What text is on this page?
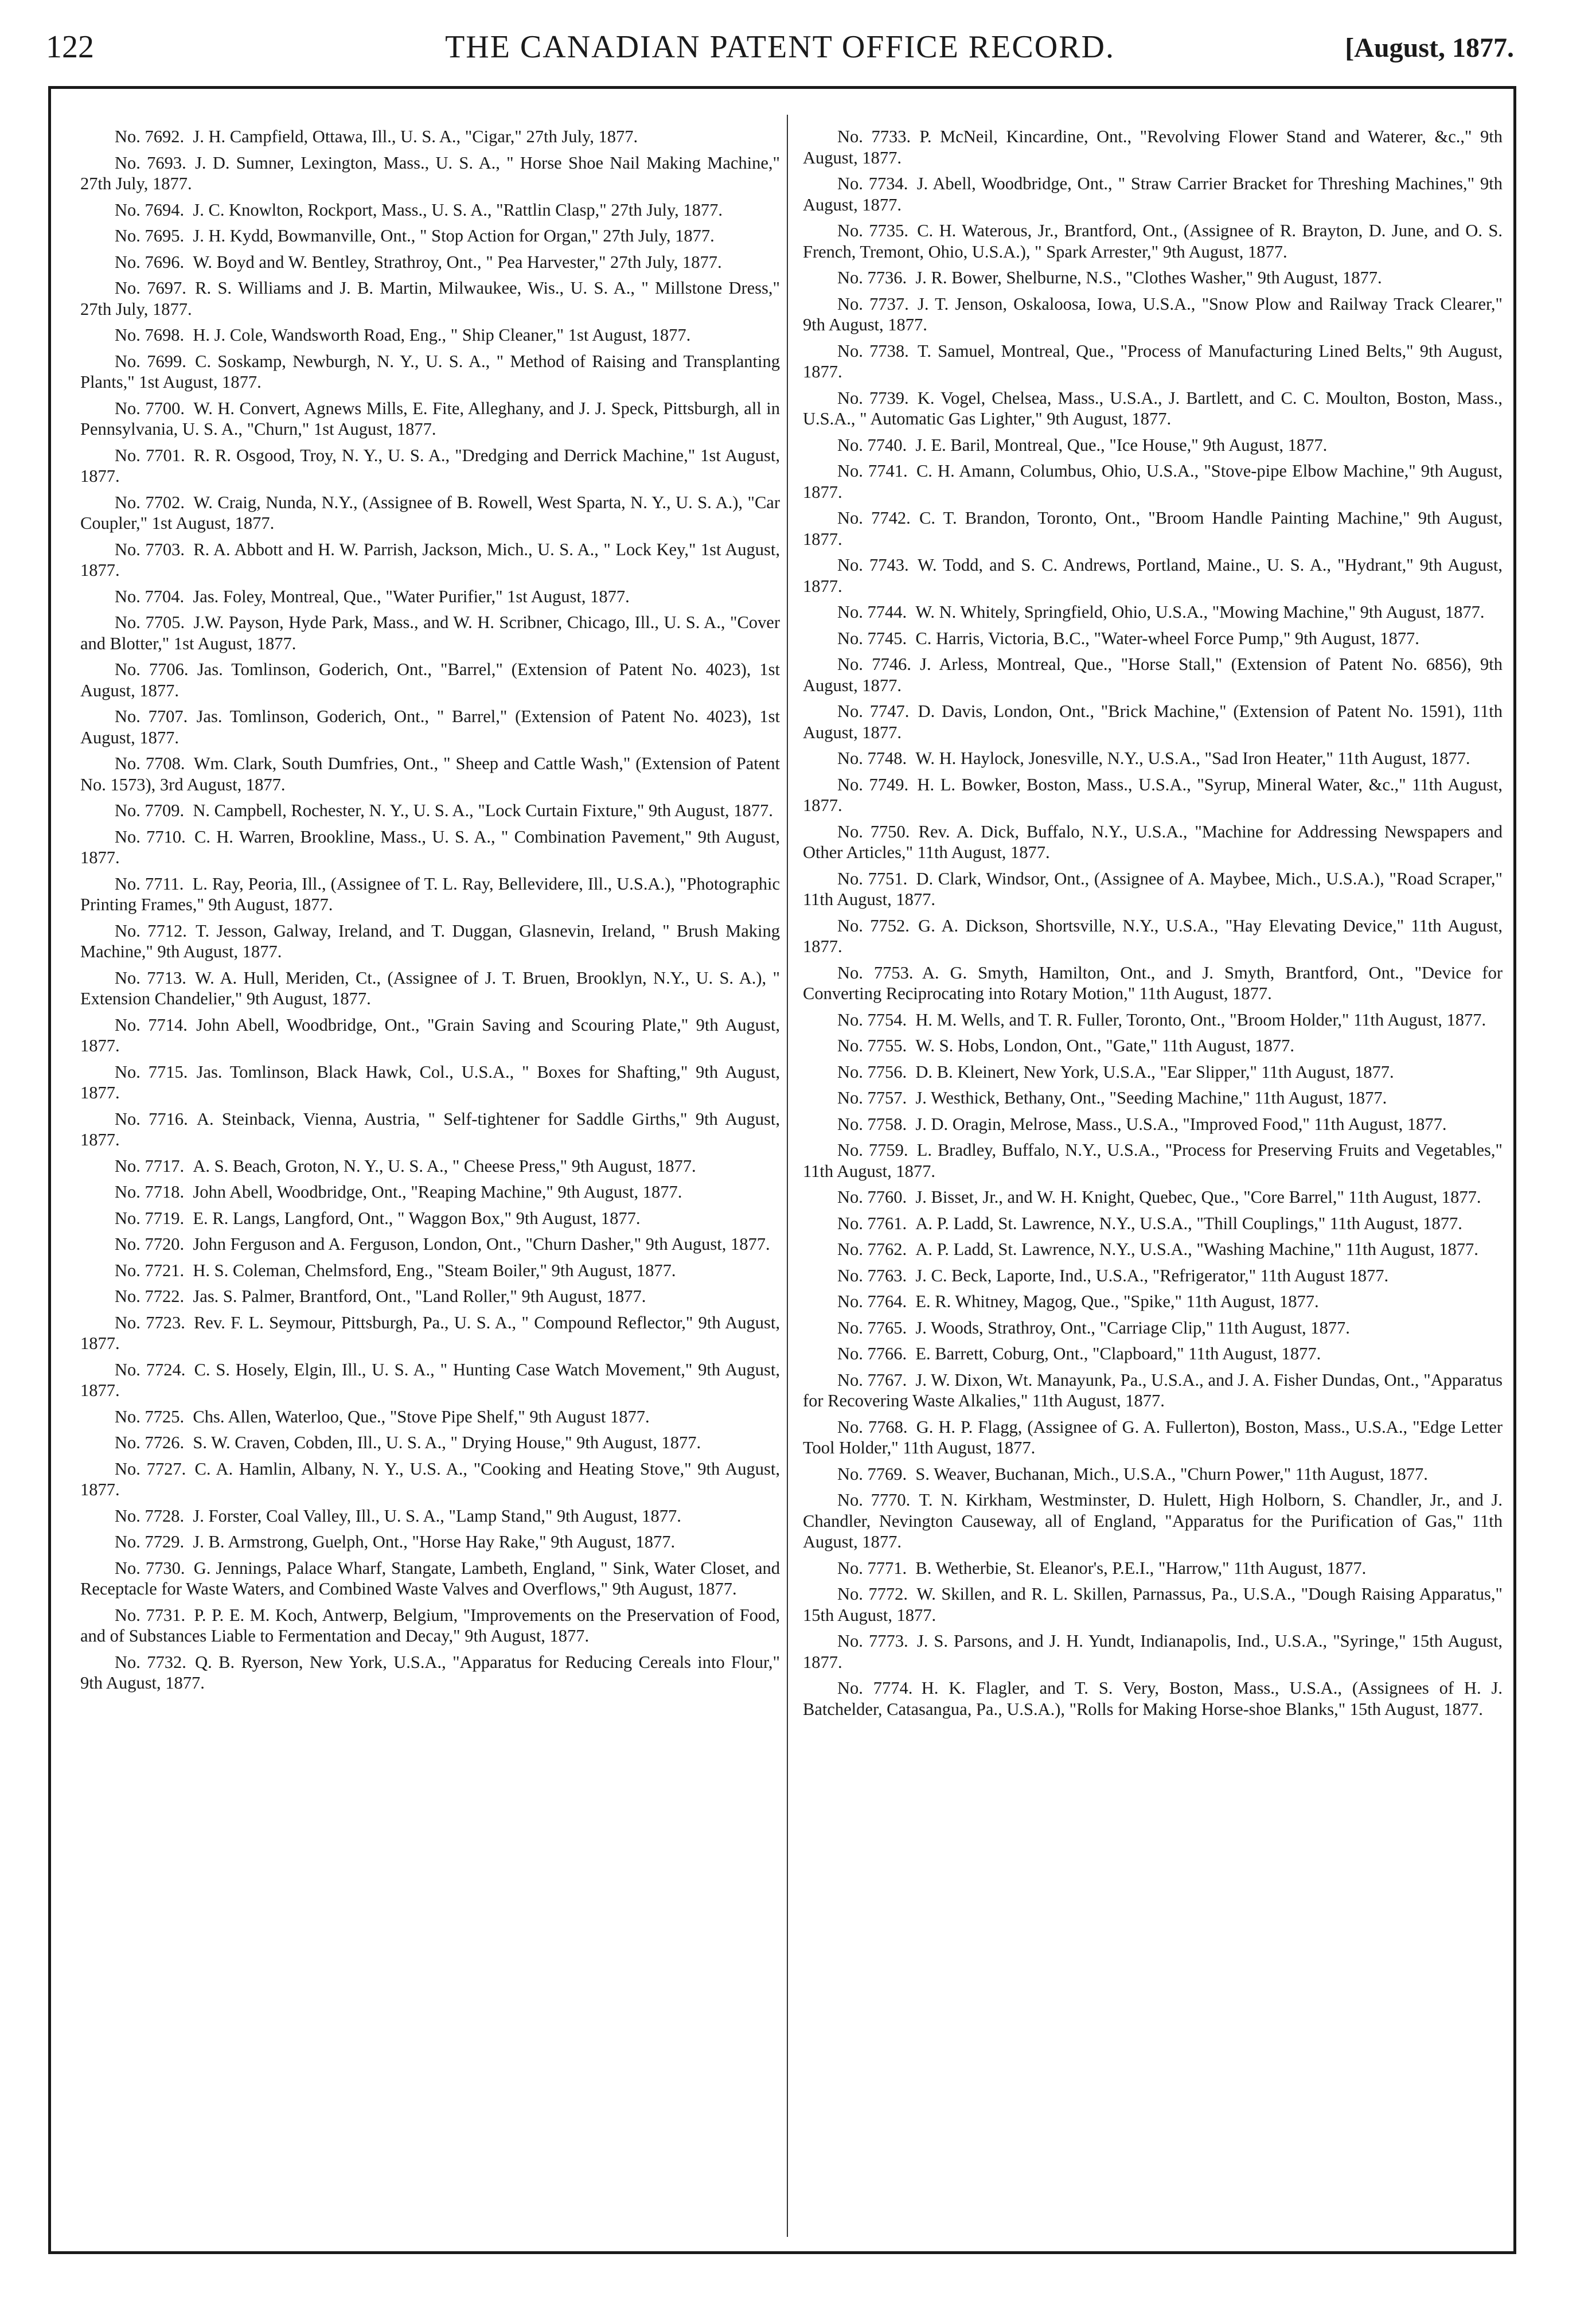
122	THE CANADIAN PATENT OFFICE RECORD.	[August, 1877.

No. 7692.  J. H. Campfield, Ottawa, Ill., U. S. A., "Cigar," 27th July, 1877.

No. 7693.  J. D. Sumner, Lexington, Mass., U. S. A., " Horse Shoe Nail Making Machine," 27th July, 1877.

No. 7694.  J. C. Knowlton, Rockport, Mass., U. S. A., "Rattlin Clasp," 27th July, 1877.

No. 7695.  J. H. Kydd, Bowmanville, Ont., " Stop Action for Organ," 27th July, 1877.

No. 7696.  W. Boyd and W. Bentley, Strathroy, Ont., " Pea Harvester," 27th July, 1877.

No. 7697.  R. S. Williams and J. B. Martin, Milwaukee, Wis., U. S. A., " Millstone Dress," 27th July, 1877.

No. 7698.  H. J. Cole, Wandsworth Road, Eng., " Ship Cleaner," 1st August, 1877.

No. 7699.  C. Soskamp, Newburgh, N. Y., U. S. A., " Method of Raising and Transplanting Plants," 1st August, 1877.

No. 7700.  W. H. Convert, Agnews Mills, E. Fite, Alleghany, and J. J. Speck, Pittsburgh, all in Pennsylvania, U. S. A., "Churn," 1st August, 1877.

No. 7701.  R. R. Osgood, Troy, N. Y., U. S. A., "Dredging and Derrick Machine," 1st August, 1877.

No. 7702.  W. Craig, Nunda, N.Y., (Assignee of B. Rowell, West Sparta, N. Y., U. S. A.), "Car Coupler," 1st August, 1877.

No. 7703.  R. A. Abbott and H. W. Parrish, Jackson, Mich., U. S. A., " Lock Key," 1st August, 1877.

No. 7704.  Jas. Foley, Montreal, Que., "Water Purifier," 1st August, 1877.

No. 7705.  J.W. Payson, Hyde Park, Mass., and W. H. Scribner, Chicago, Ill., U. S. A., "Cover and Blotter," 1st August, 1877.

No. 7706.  Jas. Tomlinson, Goderich, Ont., "Barrel," (Extension of Patent No. 4023), 1st August, 1877.

No. 7707.  Jas. Tomlinson, Goderich, Ont., " Barrel," (Extension of Patent No. 4023), 1st August, 1877.

No. 7708.  Wm. Clark, South Dumfries, Ont., " Sheep and Cattle Wash," (Extension of Patent No. 1573), 3rd August, 1877.

No. 7709.  N. Campbell, Rochester, N. Y., U. S. A., "Lock Curtain Fixture," 9th August, 1877.

No. 7710.  C. H. Warren, Brookline, Mass., U. S. A., " Combination Pavement," 9th August, 1877.

No. 7711.  L. Ray, Peoria, Ill., (Assignee of T. L. Ray, Bellevidere, Ill., U.S.A.), "Photographic Printing Frames," 9th August, 1877.

No. 7712.  T. Jesson, Galway, Ireland, and T. Duggan, Glasnevin, Ireland, " Brush Making Machine," 9th August, 1877.

No. 7713.  W. A. Hull, Meriden, Ct., (Assignee of J. T. Bruen, Brooklyn, N.Y., U. S. A.), " Extension Chandelier," 9th August, 1877.

No. 7714.  John Abell, Woodbridge, Ont., "Grain Saving and Scouring Plate," 9th August, 1877.

No. 7715.  Jas. Tomlinson, Black Hawk, Col., U.S.A., " Boxes for Shafting," 9th August, 1877.

No. 7716.  A. Steinback, Vienna, Austria, " Self-tightener for Saddle Girths," 9th August, 1877.

No. 7717.  A. S. Beach, Groton, N. Y., U. S. A., " Cheese Press," 9th August, 1877.

No. 7718.  John Abell, Woodbridge, Ont., "Reaping Machine," 9th August, 1877.

No. 7719.  E. R. Langs, Langford, Ont., " Waggon Box," 9th August, 1877.

No. 7720.  John Ferguson and A. Ferguson, London, Ont., "Churn Dasher," 9th August, 1877.

No. 7721.  H. S. Coleman, Chelmsford, Eng., "Steam Boiler," 9th August, 1877.

No. 7722.  Jas. S. Palmer, Brantford, Ont., "Land Roller," 9th August, 1877.

No. 7723.  Rev. F. L. Seymour, Pittsburgh, Pa., U. S. A., " Compound Reflector," 9th August, 1877.

No. 7724.  C. S. Hosely, Elgin, Ill., U. S. A., " Hunting Case Watch Movement," 9th August, 1877.

No. 7725.  Chs. Allen, Waterloo, Que., "Stove Pipe Shelf," 9th August 1877.

No. 7726.  S. W. Craven, Cobden, Ill., U. S. A., " Drying House," 9th August, 1877.

No. 7727.  C. A. Hamlin, Albany, N. Y., U.S. A., "Cooking and Heating Stove," 9th August, 1877.

No. 7728.  J. Forster, Coal Valley, Ill., U. S. A., "Lamp Stand," 9th August, 1877.

No. 7729.  J. B. Armstrong, Guelph, Ont., "Horse Hay Rake," 9th August, 1877.

No. 7730.  G. Jennings, Palace Wharf, Stangate, Lambeth, England, " Sink, Water Closet, and Receptacle for Waste Waters, and Combined Waste Valves and Overflows," 9th August, 1877.

No. 7731.  P. P. E. M. Koch, Antwerp, Belgium, "Improvements on the Preservation of Food, and of Substances Liable to Fermentation and Decay," 9th August, 1877.

No. 7732.  Q. B. Ryerson, New York, U.S.A., "Apparatus for Reducing Cereals into Flour," 9th August, 1877.

No. 7733.  P. McNeil, Kincardine, Ont., "Revolving Flower Stand and Waterer, &c.," 9th August, 1877.

No. 7734.  J. Abell, Woodbridge, Ont., " Straw Carrier Bracket for Threshing Machines," 9th August, 1877.

No. 7735.  C. H. Waterous, Jr., Brantford, Ont., (Assignee of R. Brayton, D. June, and O. S. French, Tremont, Ohio, U.S.A.), " Spark Arrester," 9th August, 1877.

No. 7736.  J. R. Bower, Shelburne, N.S., "Clothes Washer," 9th August, 1877.

No. 7737.  J. T. Jenson, Oskaloosa, Iowa, U.S.A., "Snow Plow and Railway Track Clearer," 9th August, 1877.

No. 7738.  T. Samuel, Montreal, Que., "Process of Manufacturing Lined Belts," 9th August, 1877.

No. 7739.  K. Vogel, Chelsea, Mass., U.S.A., J. Bartlett, and C. C. Moulton, Boston, Mass., U.S.A., " Automatic Gas Lighter," 9th August, 1877.

No. 7740.  J. E. Baril, Montreal, Que., "Ice House," 9th August, 1877.

No. 7741.  C. H. Amann, Columbus, Ohio, U.S.A., "Stove-pipe Elbow Machine," 9th August, 1877.

No. 7742.  C. T. Brandon, Toronto, Ont., "Broom Handle Painting Machine," 9th August, 1877.

No. 7743.  W. Todd, and S. C. Andrews, Portland, Maine., U. S. A., "Hydrant," 9th August, 1877.

No. 7744.  W. N. Whitely, Springfield, Ohio, U.S.A., "Mowing Machine," 9th August, 1877.

No. 7745.  C. Harris, Victoria, B.C., "Water-wheel Force Pump," 9th August, 1877.

No. 7746.  J. Arless, Montreal, Que., "Horse Stall," (Extension of Patent No. 6856), 9th August, 1877.

No. 7747.  D. Davis, London, Ont., "Brick Machine," (Extension of Patent No. 1591), 11th August, 1877.

No. 7748.  W. H. Haylock, Jonesville, N.Y., U.S.A., "Sad Iron Heater," 11th August, 1877.

No. 7749.  H. L. Bowker, Boston, Mass., U.S.A., "Syrup, Mineral Water, &c.," 11th August, 1877.

No. 7750.  Rev. A. Dick, Buffalo, N.Y., U.S.A., "Machine for Addressing Newspapers and Other Articles," 11th August, 1877.

No. 7751.  D. Clark, Windsor, Ont., (Assignee of A. Maybee, Mich., U.S.A.), "Road Scraper," 11th August, 1877.

No. 7752.  G. A. Dickson, Shortsville, N.Y., U.S.A., "Hay Elevating Device," 11th August, 1877.

No. 7753.  A. G. Smyth, Hamilton, Ont., and J. Smyth, Brantford, Ont., "Device for Converting Reciprocating into Rotary Motion," 11th August, 1877.

No. 7754.  H. M. Wells, and T. R. Fuller, Toronto, Ont., "Broom Holder," 11th August, 1877.

No. 7755.  W. S. Hobs, London, Ont., "Gate," 11th August, 1877.

No. 7756.  D. B. Kleinert, New York, U.S.A., "Ear Slipper," 11th August, 1877.

No. 7757.  J. Westhick, Bethany, Ont., "Seeding Machine," 11th August, 1877.

No. 7758.  J. D. Oragin, Melrose, Mass., U.S.A., "Improved Food," 11th August, 1877.

No. 7759.  L. Bradley, Buffalo, N.Y., U.S.A., "Process for Preserving Fruits and Vegetables," 11th August, 1877.

No. 7760.  J. Bisset, Jr., and W. H. Knight, Quebec, Que., "Core Barrel," 11th August, 1877.

No. 7761.  A. P. Ladd, St. Lawrence, N.Y., U.S.A., "Thill Couplings," 11th August, 1877.

No. 7762.  A. P. Ladd, St. Lawrence, N.Y., U.S.A., "Washing Machine," 11th August, 1877.

No. 7763.  J. C. Beck, Laporte, Ind., U.S.A., "Refrigerator," 11th August 1877.

No. 7764.  E. R. Whitney, Magog, Que., "Spike," 11th August, 1877.

No. 7765.  J. Woods, Strathroy, Ont., "Carriage Clip," 11th August, 1877.

No. 7766.  E. Barrett, Coburg, Ont., "Clapboard," 11th August, 1877.

No. 7767.  J. W. Dixon, Wt. Manayunk, Pa., U.S.A., and J. A. Fisher Dundas, Ont., "Apparatus for Recovering Waste Alkalies," 11th August, 1877.

No. 7768.  G. H. P. Flagg, (Assignee of G. A. Fullerton), Boston, Mass., U.S.A., "Edge Letter Tool Holder," 11th August, 1877.

No. 7769.  S. Weaver, Buchanan, Mich., U.S.A., "Churn Power," 11th August, 1877.

No. 7770.  T. N. Kirkham, Westminster, D. Hulett, High Holborn, S. Chandler, Jr., and J. Chandler, Nevington Causeway, all of England, "Apparatus for the Purification of Gas," 11th August, 1877.

No. 7771.  B. Wetherbie, St. Eleanor's, P.E.I., "Harrow," 11th August, 1877.

No. 7772.  W. Skillen, and R. L. Skillen, Parnassus, Pa., U.S.A., "Dough Raising Apparatus," 15th August, 1877.

No. 7773.  J. S. Parsons, and J. H. Yundt, Indianapolis, Ind., U.S.A., "Syringe," 15th August, 1877.

No. 7774.  H. K. Flagler, and T. S. Very, Boston, Mass., U.S.A., (Assignees of H. J. Batchelder, Catasangua, Pa., U.S.A.), "Rolls for Making Horse-shoe Blanks," 15th August, 1877.
